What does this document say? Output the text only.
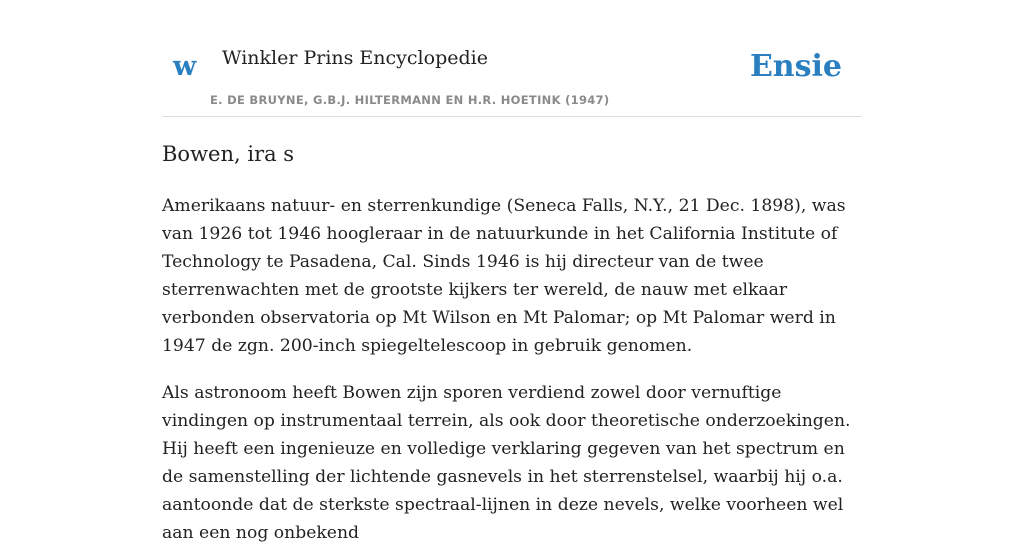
w Winkler Prins Encyclopedie
E. DE BRUYNE, G.B.J. HILTERMANN EN H.R. HOETINK (1947)
Ensie
Bowen, ira s

Amerikaans natuur- en sterrenkundige (Seneca Falls, N.Y., 21 Dec. 1898), was van 1926 tot 1946 hoogleraar in de natuurkunde in het California Institute of Technology te Pasadena, Cal. Sinds 1946 is hij directeur van de twee sterrenwachten met de grootste kijkers ter wereld, de nauw met elkaar verbonden observatoria op Mt Wilson en Mt Palomar; op Mt Palomar werd in 1947 de zgn. 200-inch spiegeltelescoop in gebruik genomen.

Als astronoom heeft Bowen zijn sporen verdiend zowel door vernuftige vindingen op instrumentaal terrein, als ook door theoretische onderzoekingen. Hij heeft een ingenieuze en volledige verklaring gegeven van het spectrum en de samenstelling der lichtende gasnevels in het sterrenstelsel, waarbij hij o.a. aantoonde dat de sterkste spectraal-lijnen in deze nevels, welke voorheen wel aan een nog onbekend
